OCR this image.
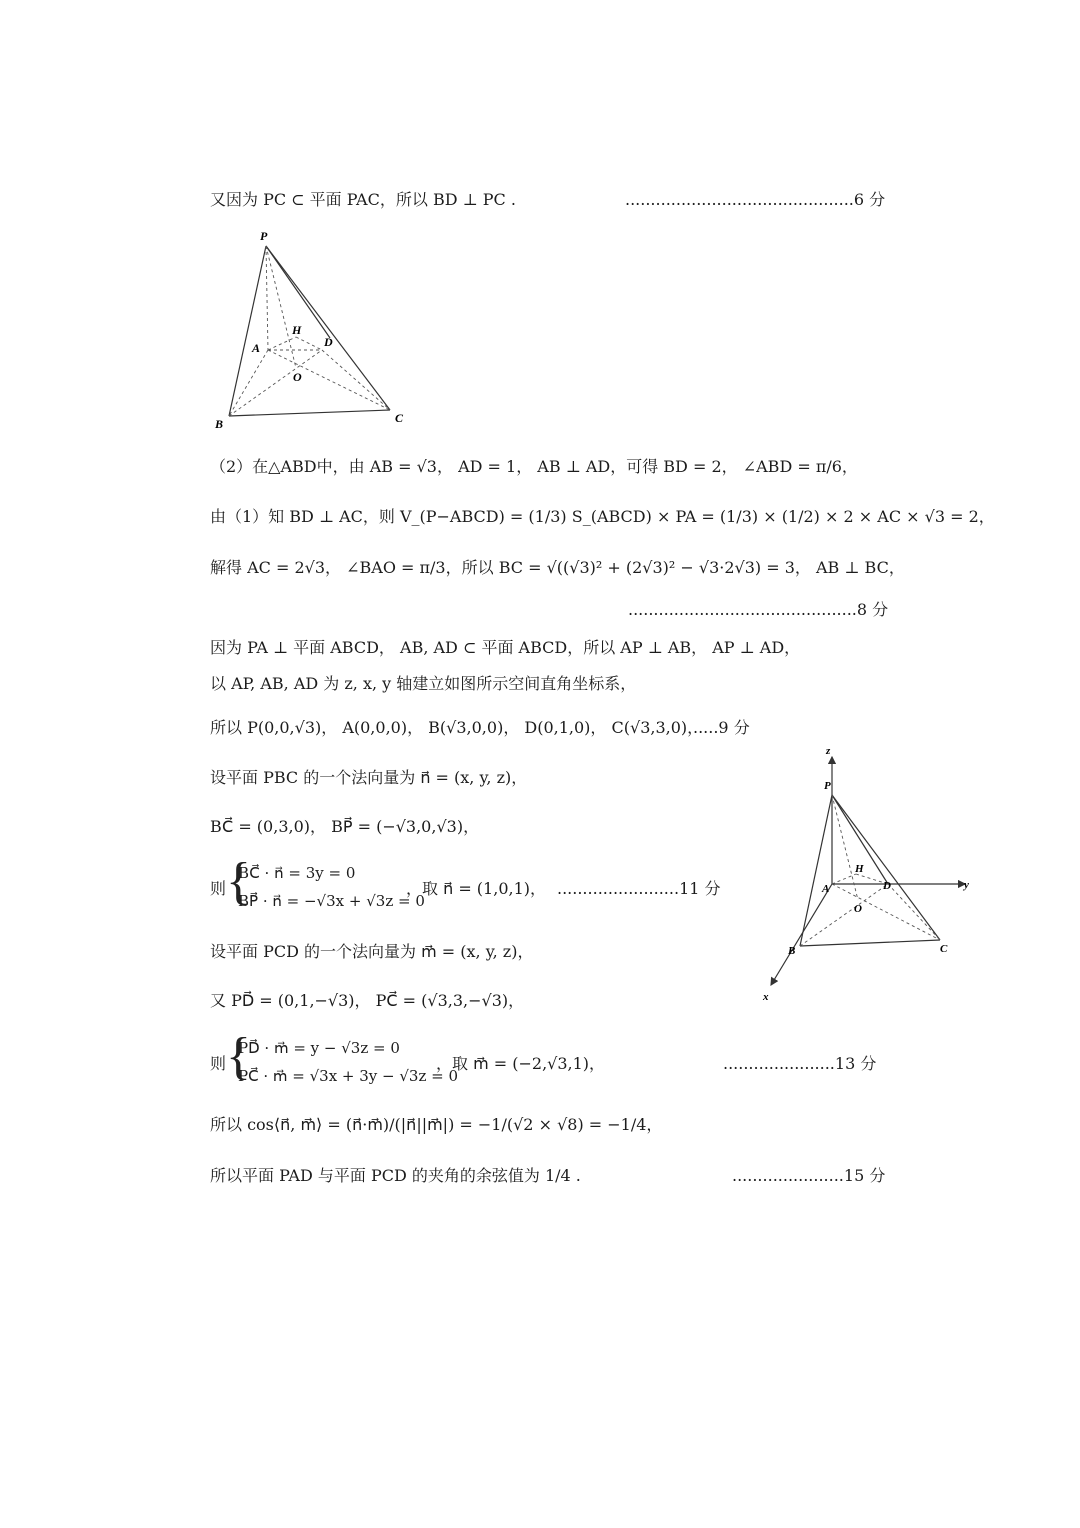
又因为 PC ⊂ 平面 PAC，所以 BD ⊥ PC .	.............................................6 分
P
H
A	D
O
B	C
（2）在△ABD中，由 AB = √3， AD = 1， AB ⊥ AD，可得 BD = 2， ∠ABD = π/6，
由（1）知 BD ⊥ AC，则 V_(P−ABCD) = (1/3) S_(ABCD) × PA = (1/3) × (1/2) × 2 × AC × √3 = 2，
解得 AC = 2√3， ∠BAO = π/3，所以 BC = √((√3)² + (2√3)² − √3·2√3) = 3， AB ⊥ BC，
.............................................8 分
因为 PA ⊥ 平面 ABCD， AB, AD ⊂ 平面 ABCD，所以 AP ⊥ AB， AP ⊥ AD，
以 AP, AB, AD 为 z, x, y 轴建立如图所示空间直角坐标系，
所以 P(0,0,√3)， A(0,0,0)， B(√3,0,0)， D(0,1,0)， C(√3,3,0)，
.....9 分
设平面 PBC 的一个法向量为 n⃗ = (x, y, z)，
BC⃗ = (0,3,0)， BP⃗ = (−√3,0,√3)，
则 {
BC⃗ · n⃗ = 3y = 0
BP⃗ · n⃗ = −√3x + √3z = 0
，取 n⃗ = (1,0,1)， ........................11 分
z
P
H
A	D	y
O
B	C
x
设平面 PCD 的一个法向量为 m⃗ = (x, y, z)，
又 PD⃗ = (0,1,−√3)， PC⃗ = (√3,3,−√3)，
则 {
PD⃗ · m⃗ = y − √3z = 0
PC⃗ · m⃗ = √3x + 3y − √3z = 0
，取 m⃗ = (−2,√3,1)，	......................13 分
所以 cos⟨n⃗, m⃗⟩ = (n⃗·m⃗)/(|n⃗||m⃗|) = −1/(√2 × √8) = −1/4，
所以平面 PAD 与平面 PCD 的夹角的余弦值为 1/4 .	......................15 分
